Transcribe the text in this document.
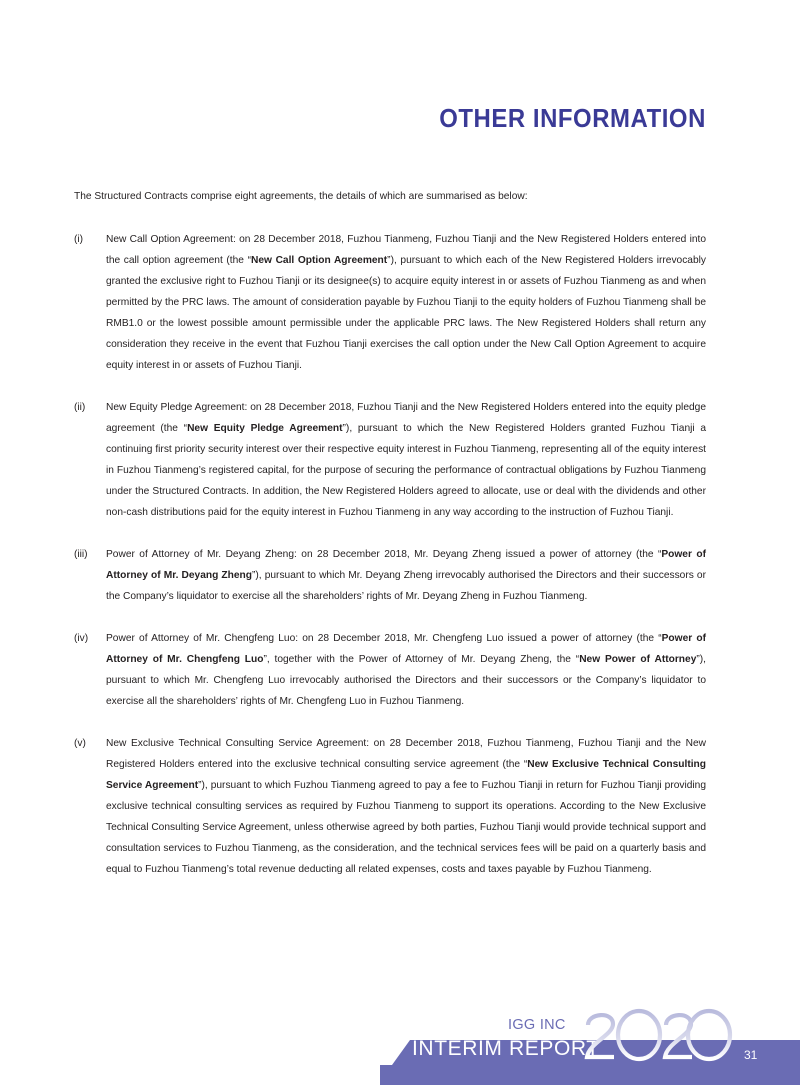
OTHER INFORMATION

The Structured Contracts comprise eight agreements, the details of which are summarised as below:

(i)	New Call Option Agreement: on 28 December 2018, Fuzhou Tianmeng, Fuzhou Tianji and the New Registered Holders entered into the call option agreement (the “New Call Option Agreement”), pursuant to which each of the New Registered Holders irrevocably granted the exclusive right to Fuzhou Tianji or its designee(s) to acquire equity interest in or assets of Fuzhou Tianmeng as and when permitted by the PRC laws. The amount of consideration payable by Fuzhou Tianji to the equity holders of Fuzhou Tianmeng shall be RMB1.0 or the lowest possible amount permissible under the applicable PRC laws. The New Registered Holders shall return any consideration they receive in the event that Fuzhou Tianji exercises the call option under the New Call Option Agreement to acquire equity interest in or assets of Fuzhou Tianji.
(ii)	New Equity Pledge Agreement: on 28 December 2018, Fuzhou Tianji and the New Registered Holders entered into the equity pledge agreement (the “New Equity Pledge Agreement”), pursuant to which the New Registered Holders granted Fuzhou Tianji a continuing first priority security interest over their respective equity interest in Fuzhou Tianmeng, representing all of the equity interest in Fuzhou Tianmeng’s registered capital, for the purpose of securing the performance of contractual obligations by Fuzhou Tianmeng under the Structured Contracts. In addition, the New Registered Holders agreed to allocate, use or deal with the dividends and other non-cash distributions paid for the equity interest in Fuzhou Tianmeng in any way according to the instruction of Fuzhou Tianji.
(iii)	Power of Attorney of Mr. Deyang Zheng: on 28 December 2018, Mr. Deyang Zheng issued a power of attorney (the “Power of Attorney of Mr. Deyang Zheng”), pursuant to which Mr. Deyang Zheng irrevocably authorised the Directors and their successors or the Company’s liquidator to exercise all the shareholders’ rights of Mr. Deyang Zheng in Fuzhou Tianmeng.
(iv)	Power of Attorney of Mr. Chengfeng Luo: on 28 December 2018, Mr. Chengfeng Luo issued a power of attorney (the “Power of Attorney of Mr. Chengfeng Luo”, together with the Power of Attorney of Mr. Deyang Zheng, the “New Power of Attorney”), pursuant to which Mr. Chengfeng Luo irrevocably authorised the Directors and their successors or the Company’s liquidator to exercise all the shareholders’ rights of Mr. Chengfeng Luo in Fuzhou Tianmeng.
(v)	New Exclusive Technical Consulting Service Agreement: on 28 December 2018, Fuzhou Tianmeng, Fuzhou Tianji and the New Registered Holders entered into the exclusive technical consulting service agreement (the “New Exclusive Technical Consulting Service Agreement”), pursuant to which Fuzhou Tianmeng agreed to pay a fee to Fuzhou Tianji in return for Fuzhou Tianji providing exclusive technical consulting services as required by Fuzhou Tianmeng to support its operations. According to the New Exclusive Technical Consulting Service Agreement, unless otherwise agreed by both parties, Fuzhou Tianji would provide technical support and consultation services to Fuzhou Tianmeng, as the consideration, and the technical services fees will be paid on a quarterly basis and equal to Fuzhou Tianmeng’s total revenue deducting all related expenses, costs and taxes payable by Fuzhou Tianmeng.
IGG INC
INTERIM REPORT	31
